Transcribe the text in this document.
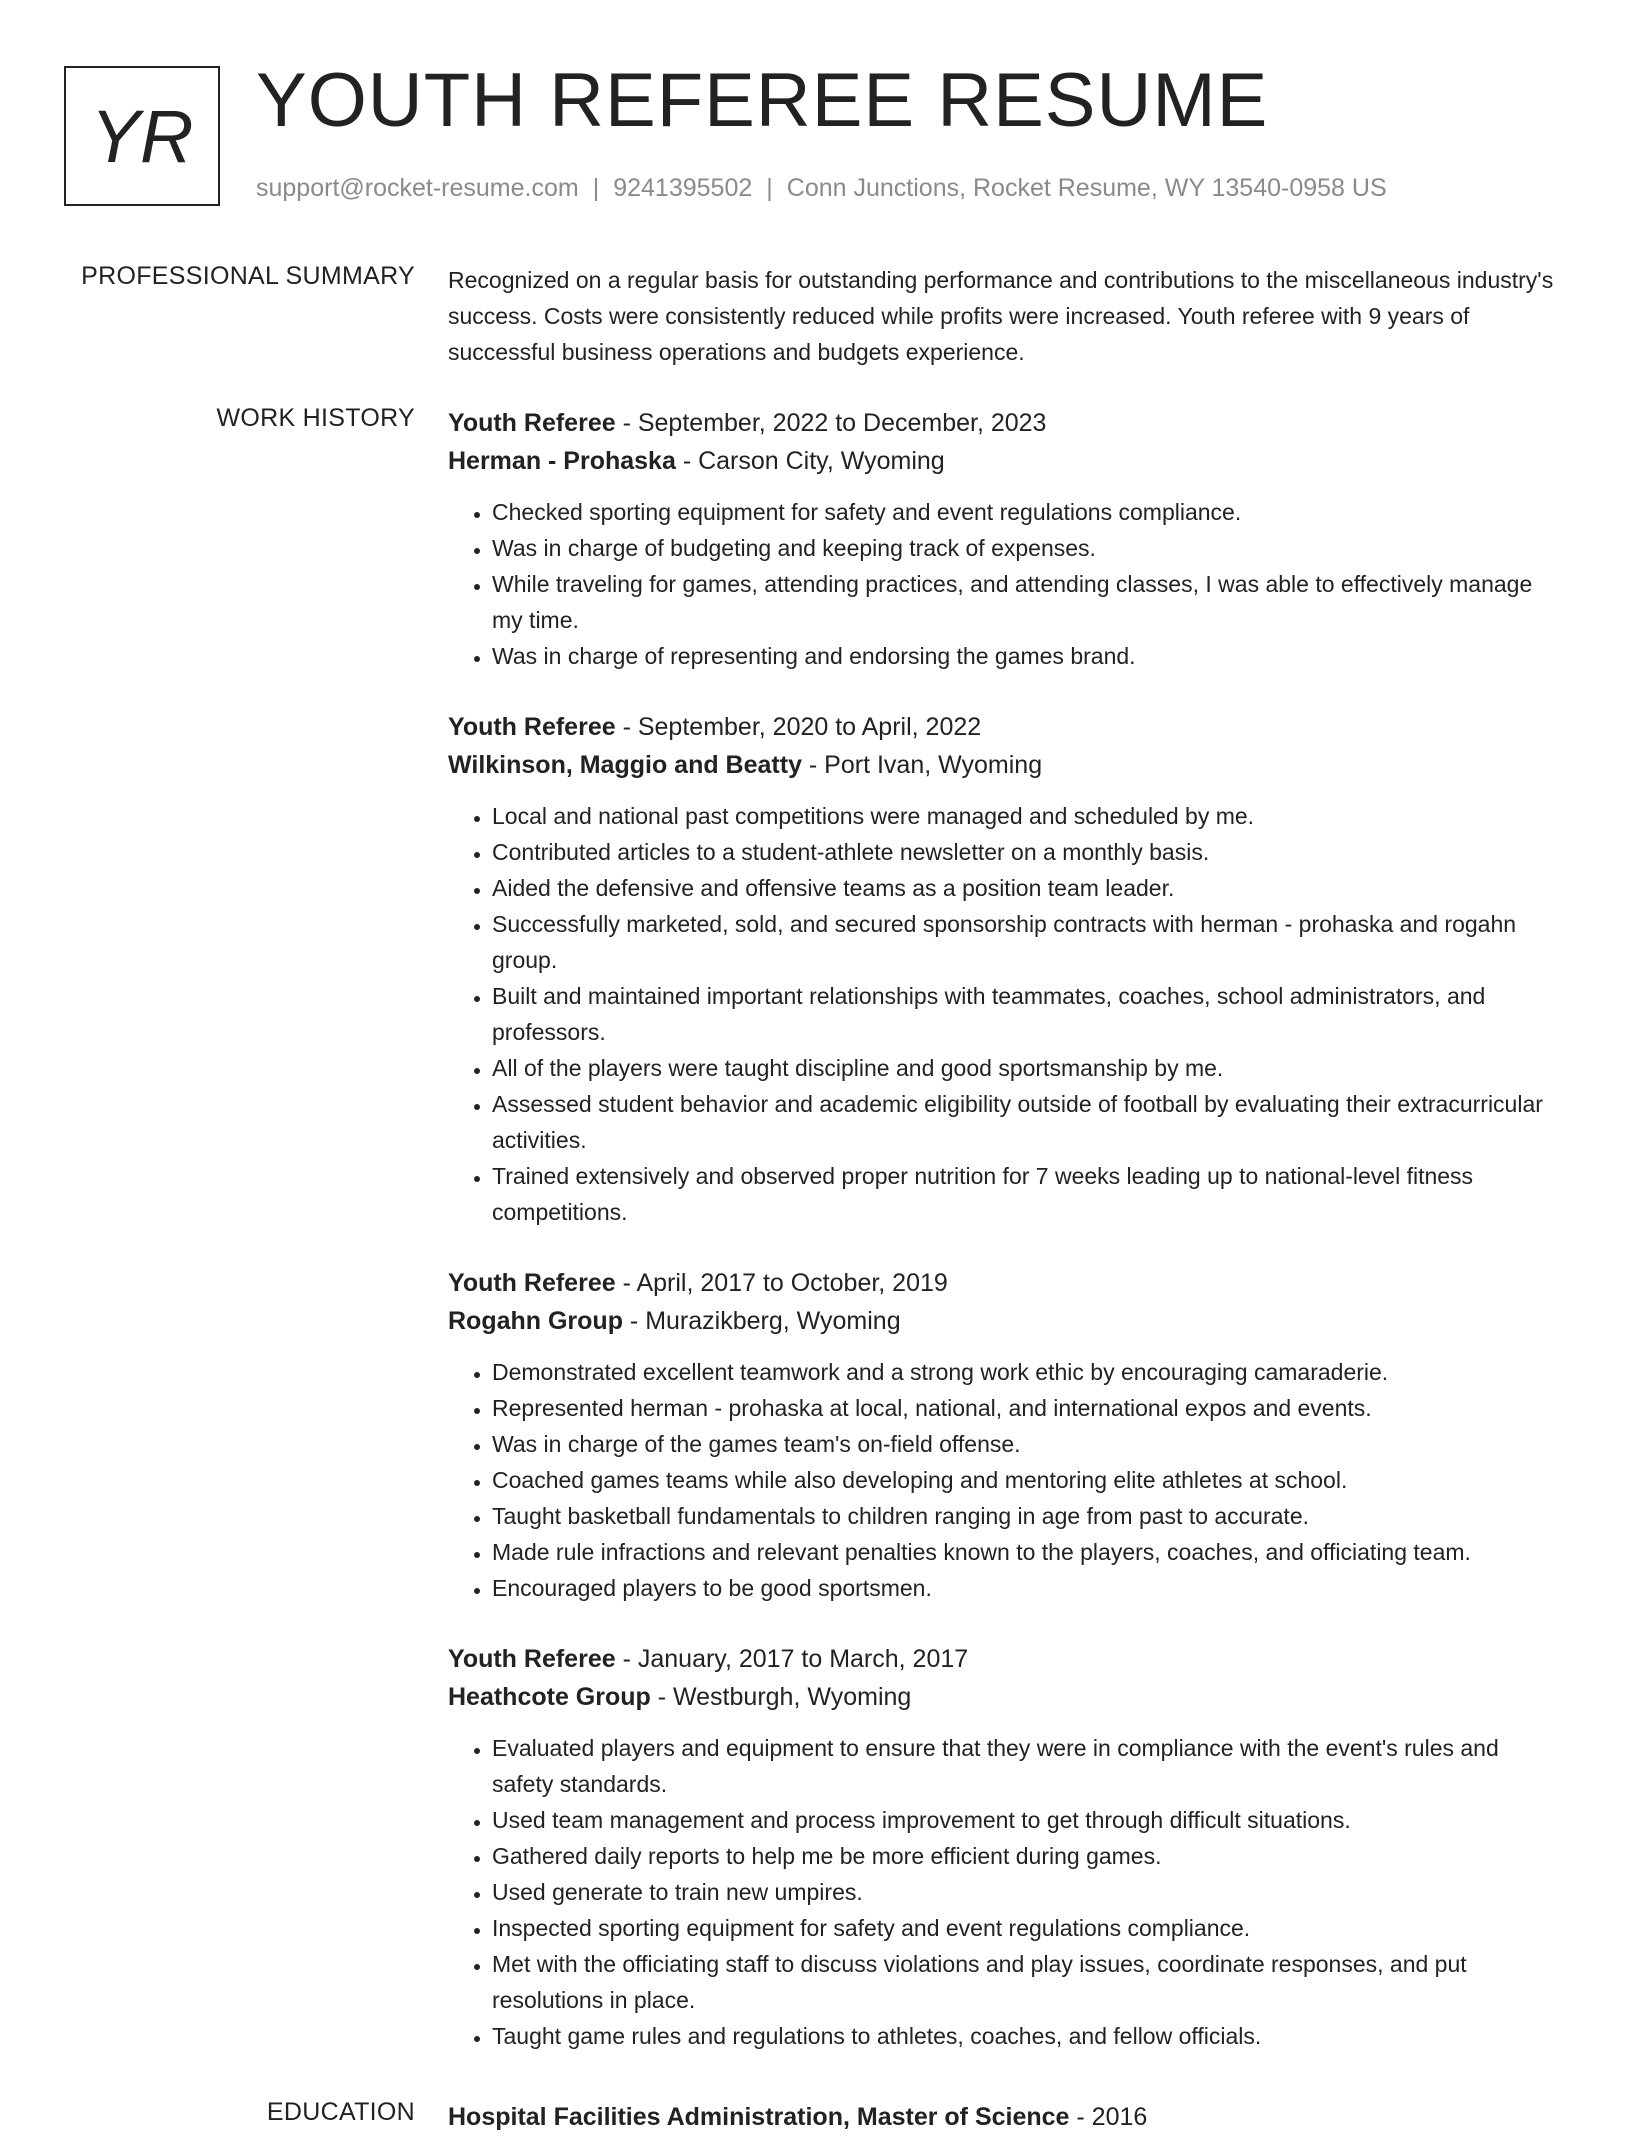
YR YOUTH REFEREE RESUME
support@rocket-resume.com | 9241395502 | Conn Junctions, Rocket Resume, WY 13540-0958 US
PROFESSIONAL SUMMARY Recognized on a regular basis for outstanding performance and contributions to the miscellaneous industry's success. Costs were consistently reduced while profits were increased. Youth referee with 9 years of successful business operations and budgets experience.

WORK HISTORY Youth Referee - September, 2022 to December, 2023
Herman - Prohaska - Carson City, Wyoming
• Checked sporting equipment for safety and event regulations compliance.
• Was in charge of budgeting and keeping track of expenses.
• While traveling for games, attending practices, and attending classes, I was able to effectively manage my time.
• Was in charge of representing and endorsing the games brand.
Youth Referee - September, 2020 to April, 2022
Wilkinson, Maggio and Beatty - Port Ivan, Wyoming
• Local and national past competitions were managed and scheduled by me.
• Contributed articles to a student-athlete newsletter on a monthly basis.
• Aided the defensive and offensive teams as a position team leader.
• Successfully marketed, sold, and secured sponsorship contracts with herman - prohaska and rogahn group.
• Built and maintained important relationships with teammates, coaches, school administrators, and professors.
• All of the players were taught discipline and good sportsmanship by me.
• Assessed student behavior and academic eligibility outside of football by evaluating their extracurricular activities.
• Trained extensively and observed proper nutrition for 7 weeks leading up to national-level fitness competitions.
Youth Referee - April, 2017 to October, 2019
Rogahn Group - Murazikberg, Wyoming
• Demonstrated excellent teamwork and a strong work ethic by encouraging camaraderie.
• Represented herman - prohaska at local, national, and international expos and events.
• Was in charge of the games team's on-field offense.
• Coached games teams while also developing and mentoring elite athletes at school.
• Taught basketball fundamentals to children ranging in age from past to accurate.
• Made rule infractions and relevant penalties known to the players, coaches, and officiating team.
• Encouraged players to be good sportsmen.
Youth Referee - January, 2017 to March, 2017
Heathcote Group - Westburgh, Wyoming
• Evaluated players and equipment to ensure that they were in compliance with the event's rules and safety standards.
• Used team management and process improvement to get through difficult situations.
• Gathered daily reports to help me be more efficient during games.
• Used generate to train new umpires.
• Inspected sporting equipment for safety and event regulations compliance.
• Met with the officiating staff to discuss violations and play issues, coordinate responses, and put resolutions in place.
• Taught game rules and regulations to athletes, coaches, and fellow officials.
EDUCATION Hospital Facilities Administration, Master of Science - 2016
